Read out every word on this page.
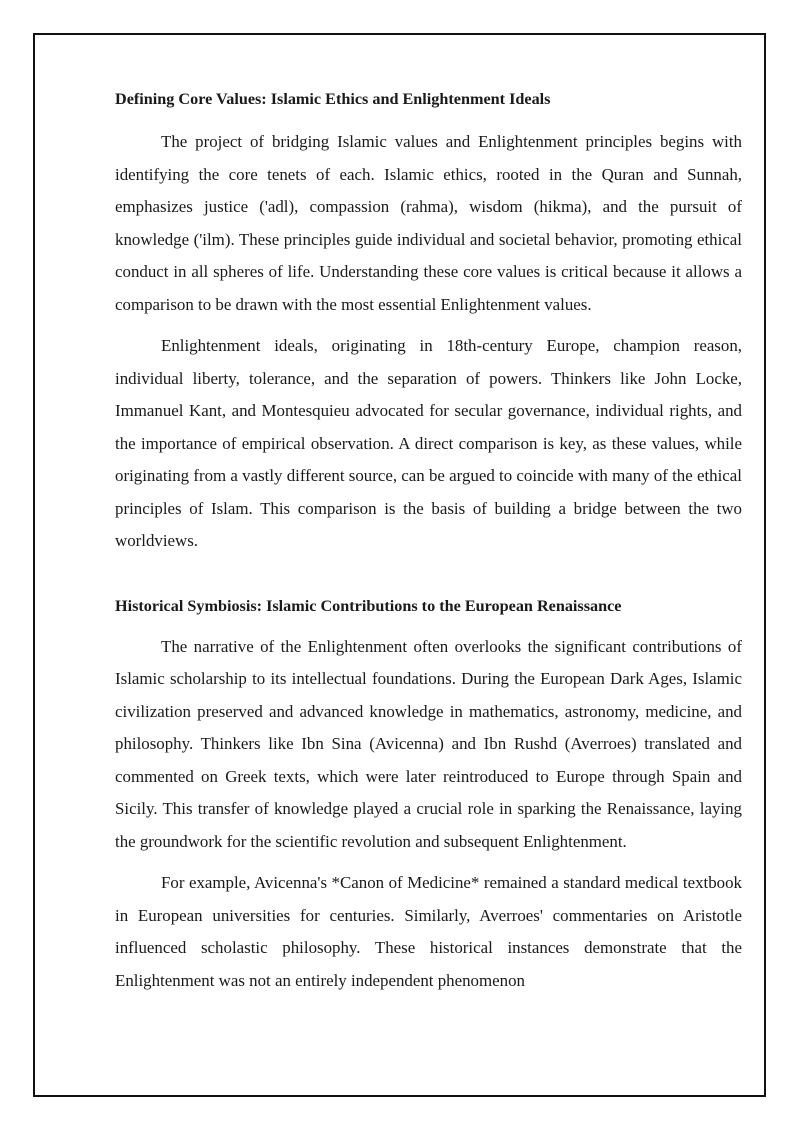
Defining Core Values: Islamic Ethics and Enlightenment Ideals

The project of bridging Islamic values and Enlightenment principles begins with identifying the core tenets of each. Islamic ethics, rooted in the Quran and Sunnah, emphasizes justice ('adl), compassion (rahma), wisdom (hikma), and the pursuit of knowledge ('ilm). These principles guide individual and societal behavior, promoting ethical conduct in all spheres of life. Understanding these core values is critical because it allows a comparison to be drawn with the most essential Enlightenment values.

Enlightenment ideals, originating in 18th-century Europe, champion reason, individual liberty, tolerance, and the separation of powers. Thinkers like John Locke, Immanuel Kant, and Montesquieu advocated for secular governance, individual rights, and the importance of empirical observation. A direct comparison is key, as these values, while originating from a vastly different source, can be argued to coincide with many of the ethical principles of Islam. This comparison is the basis of building a bridge between the two worldviews.

Historical Symbiosis: Islamic Contributions to the European Renaissance

The narrative of the Enlightenment often overlooks the significant contributions of Islamic scholarship to its intellectual foundations. During the European Dark Ages, Islamic civilization preserved and advanced knowledge in mathematics, astronomy, medicine, and philosophy. Thinkers like Ibn Sina (Avicenna) and Ibn Rushd (Averroes) translated and commented on Greek texts, which were later reintroduced to Europe through Spain and Sicily. This transfer of knowledge played a crucial role in sparking the Renaissance, laying the groundwork for the scientific revolution and subsequent Enlightenment.

For example, Avicenna's *Canon of Medicine* remained a standard medical textbook in European universities for centuries. Similarly, Averroes' commentaries on Aristotle influenced scholastic philosophy. These historical instances demonstrate that the Enlightenment was not an entirely independent phenomenon
